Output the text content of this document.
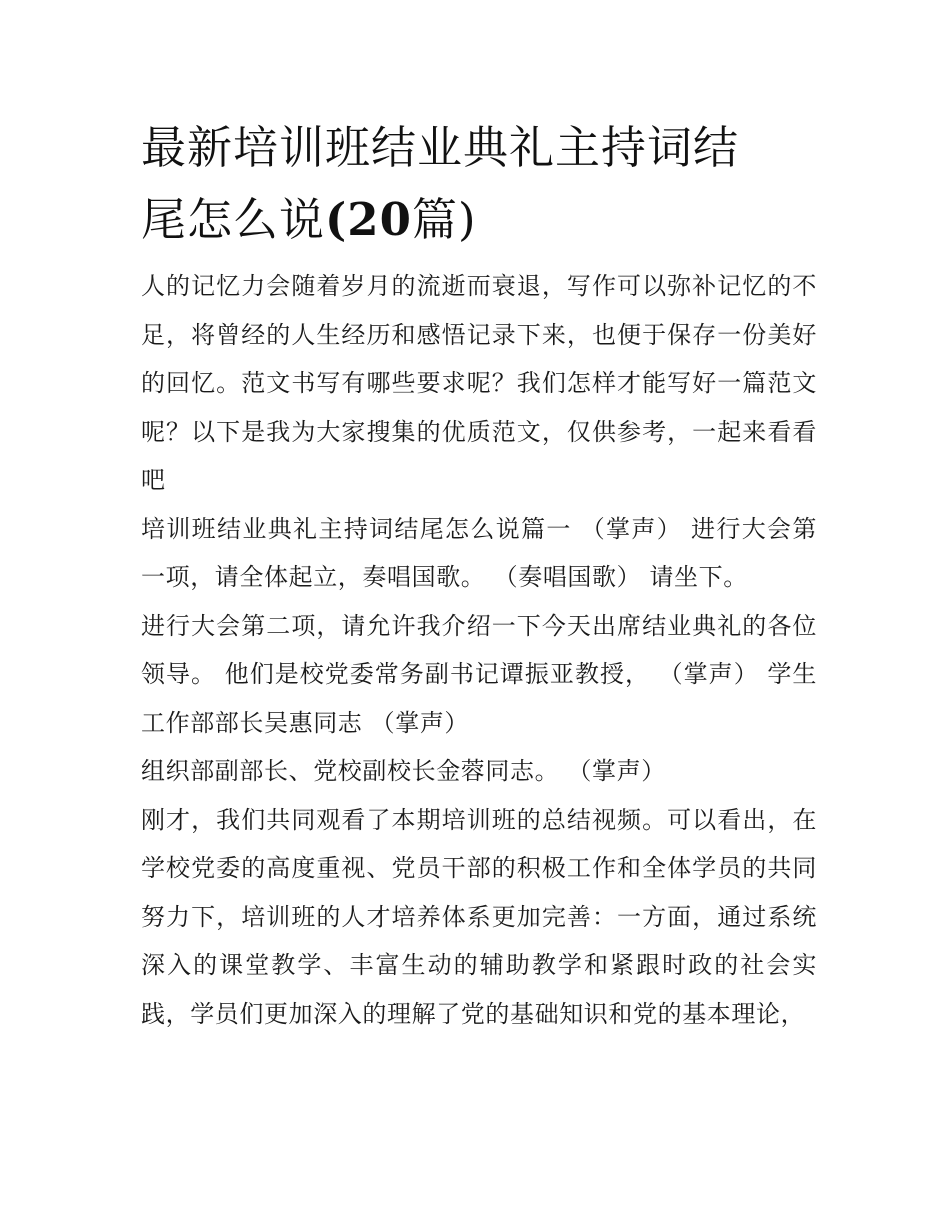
最新培训班结业典礼主持词结
尾怎么说(20篇)

人的记忆力会随着岁月的流逝而衰退，写作可以弥补记忆的不足，将曾经的人生经历和感悟记录下来，也便于保存一份美好的回忆。范文书写有哪些要求呢？我们怎样才能写好一篇范文呢？以下是我为大家搜集的优质范文，仅供参考，一起来看看吧

培训班结业典礼主持词结尾怎么说篇一 （掌声） 进行大会第一项，请全体起立，奏唱国歌。 （奏唱国歌） 请坐下。

进行大会第二项，请允许我介绍一下今天出席结业典礼的各位领导。 他们是校党委常务副书记谭振亚教授， （掌声） 学生工作部部长吴惠同志 （掌声）

组织部副部长、党校副校长金蓉同志。 （掌声）

刚才，我们共同观看了本期培训班的总结视频。可以看出，在学校党委的高度重视、党员干部的积极工作和全体学员的共同努力下，培训班的人才培养体系更加完善：一方面，通过系统深入的课堂教学、丰富生动的辅助教学和紧跟时政的社会实践，学员们更加深入的理解了党的基础知识和党的基本理论，
